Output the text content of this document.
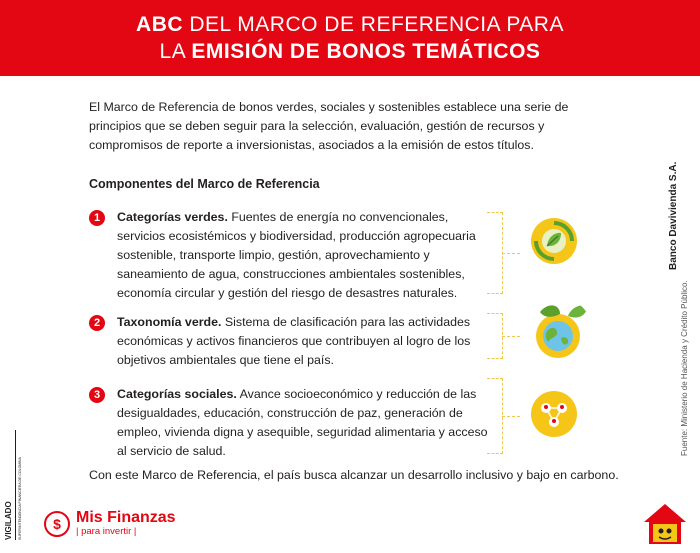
ABC DEL MARCO DE REFERENCIA PARA
LA EMISIÓN DE BONOS TEMÁTICOS

El Marco de Referencia de bonos verdes, sociales y sostenibles establece una serie de principios que se deben seguir para la selección, evaluación, gestión de recursos y compromisos de reporte a inversionistas, asociados a la emisión de estos títulos.

Componentes del Marco de Referencia
1	Categorías verdes. Fuentes de energía no convencionales, servicios ecosistémicos y biodiversidad, producción agropecuaria sostenible, transporte limpio, gestión, aprovechamiento y saneamiento de agua, construcciones ambientales sostenibles, economía circular y gestión del riesgo de desastres naturales.
2	Taxonomía verde. Sistema de clasificación para las actividades económicas y activos financieros que contribuyen al logro de los objetivos ambientales que tiene el país.
3	Categorías sociales. Avance socioeconómico y reducción de las desigualdades, educación, construcción de paz, generación de empleo, vivienda digna y asequible, seguridad alimentaria y acceso al servicio de salud.

Con este Marco de Referencia, el país busca alcanzar un desarrollo inclusivo y bajo en carbono.

Banco Davivienda S.A.
Fuente: Ministerio de Hacienda y Crédito Público.
VIGILADO SUPERINTENDENCIA FINANCIERA DE COLOMBIA	$ Mis Finanzas
| para invertir |
